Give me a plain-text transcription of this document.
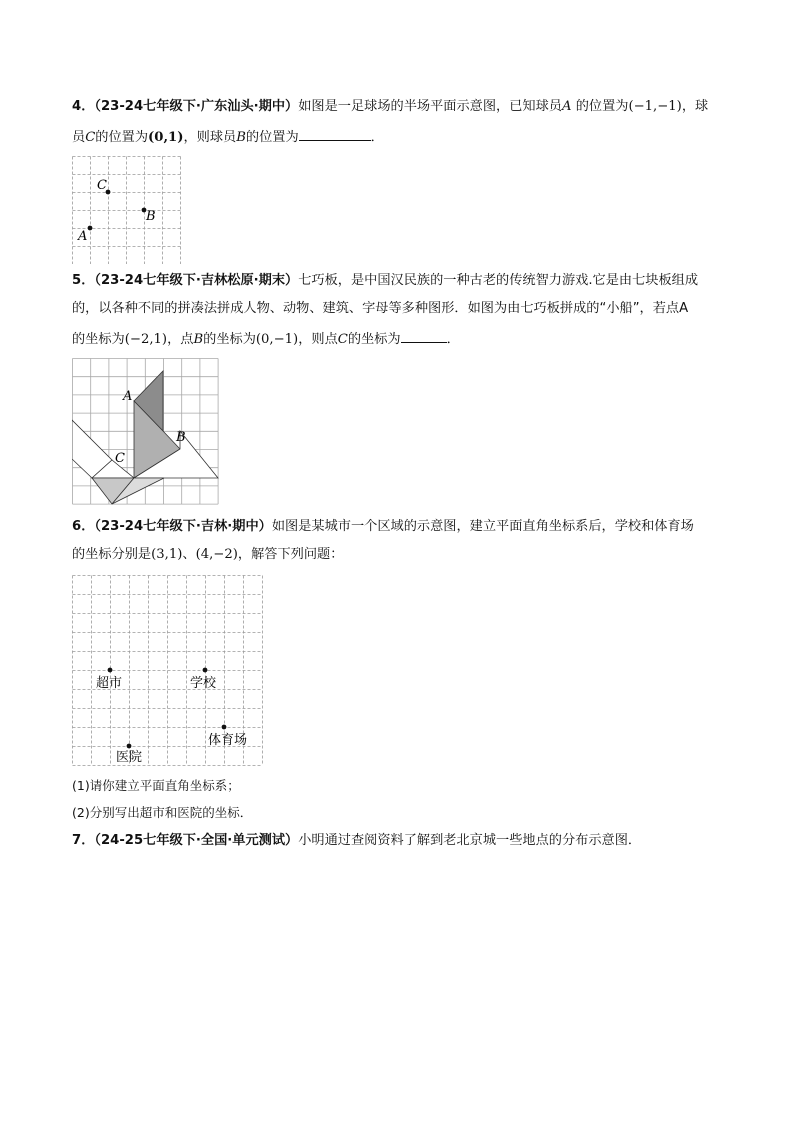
4．（23-24七年级下·广东汕头·期中）如图是一足球场的半场平面示意图，已知球员A 的位置为(−1,−1)，球
员C的位置为(0,1)，则球员B的位置为	．
C
B
A
5．（23-24七年级下·吉林松原·期末）七巧板，是中国汉民族的一种古老的传统智力游戏.它是由七块板组成
的，以各种不同的拼凑法拼成人物、动物、建筑、字母等多种图形．如图为由七巧板拼成的“小船”，若点A
的坐标为(−2,1)，点B的坐标为(0,−1)，则点C的坐标为	．
A
B
C
6．（23-24七年级下·吉林·期中）如图是某城市一个区域的示意图，建立平面直角坐标系后，学校和体育场
的坐标分别是(3,1)、(4,−2)，解答下列问题：
超市	学校
体育场
医院
(1)请你建立平面直角坐标系；
(2)分别写出超市和医院的坐标．
7．（24-25七年级下·全国·单元测试）小明通过查阅资料了解到老北京城一些地点的分布示意图．
